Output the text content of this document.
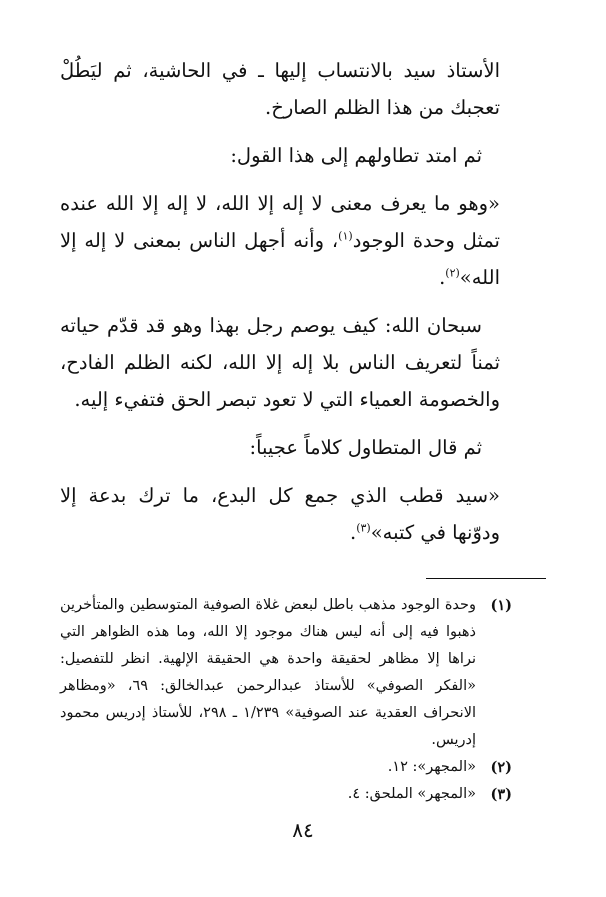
الأستاذ سيد بالانتساب إليها ـ في الحاشية، ثم ليَطُلْ تعجبك من هذا الظلم الصارخ.

ثم امتد تطاولهم إلى هذا القول:

«وهو ما يعرف معنى لا إله إلا الله، لا إله إلا الله عنده تمثل وحدة الوجود$^{(١)}$، وأنه أجهل الناس بمعنى لا إله إلا الله»$^{(٢)}$.

سبحان الله: كيف يوصم رجل بهذا وهو قد قدّم حياته ثمناً لتعريف الناس بلا إله إلا الله، لكنه الظلم الفادح، والخصومة العمياء التي لا تعود تبصر الحق فتفيء إليه.

ثم قال المتطاول كلاماً عجيباً:

«سيد قطب الذي جمع كل البدع، ما ترك بدعة إلا ودوّنها في كتبه»$^{(٣)}$.

(١)
وحدة الوجود مذهب باطل لبعض غلاة الصوفية المتوسطين والمتأخرين ذهبوا فيه إلى أنه ليس هناك موجود إلا الله، وما هذه الظواهر التي نراها إلا مظاهر لحقيقة واحدة هي الحقيقة الإلهية. انظر للتفصيل: «الفكر الصوفي» للأستاذ عبدالرحمن عبدالخالق: ٦٩، «ومظاهر الانحراف العقدية عند الصوفية» ١/٢٣٩ ـ ٢٩٨، للأستاذ إدريس محمود إدريس.
(٢)
«المجهر»: ١٢.
(٣)
«المجهر» الملحق: ٤.
٨٤
